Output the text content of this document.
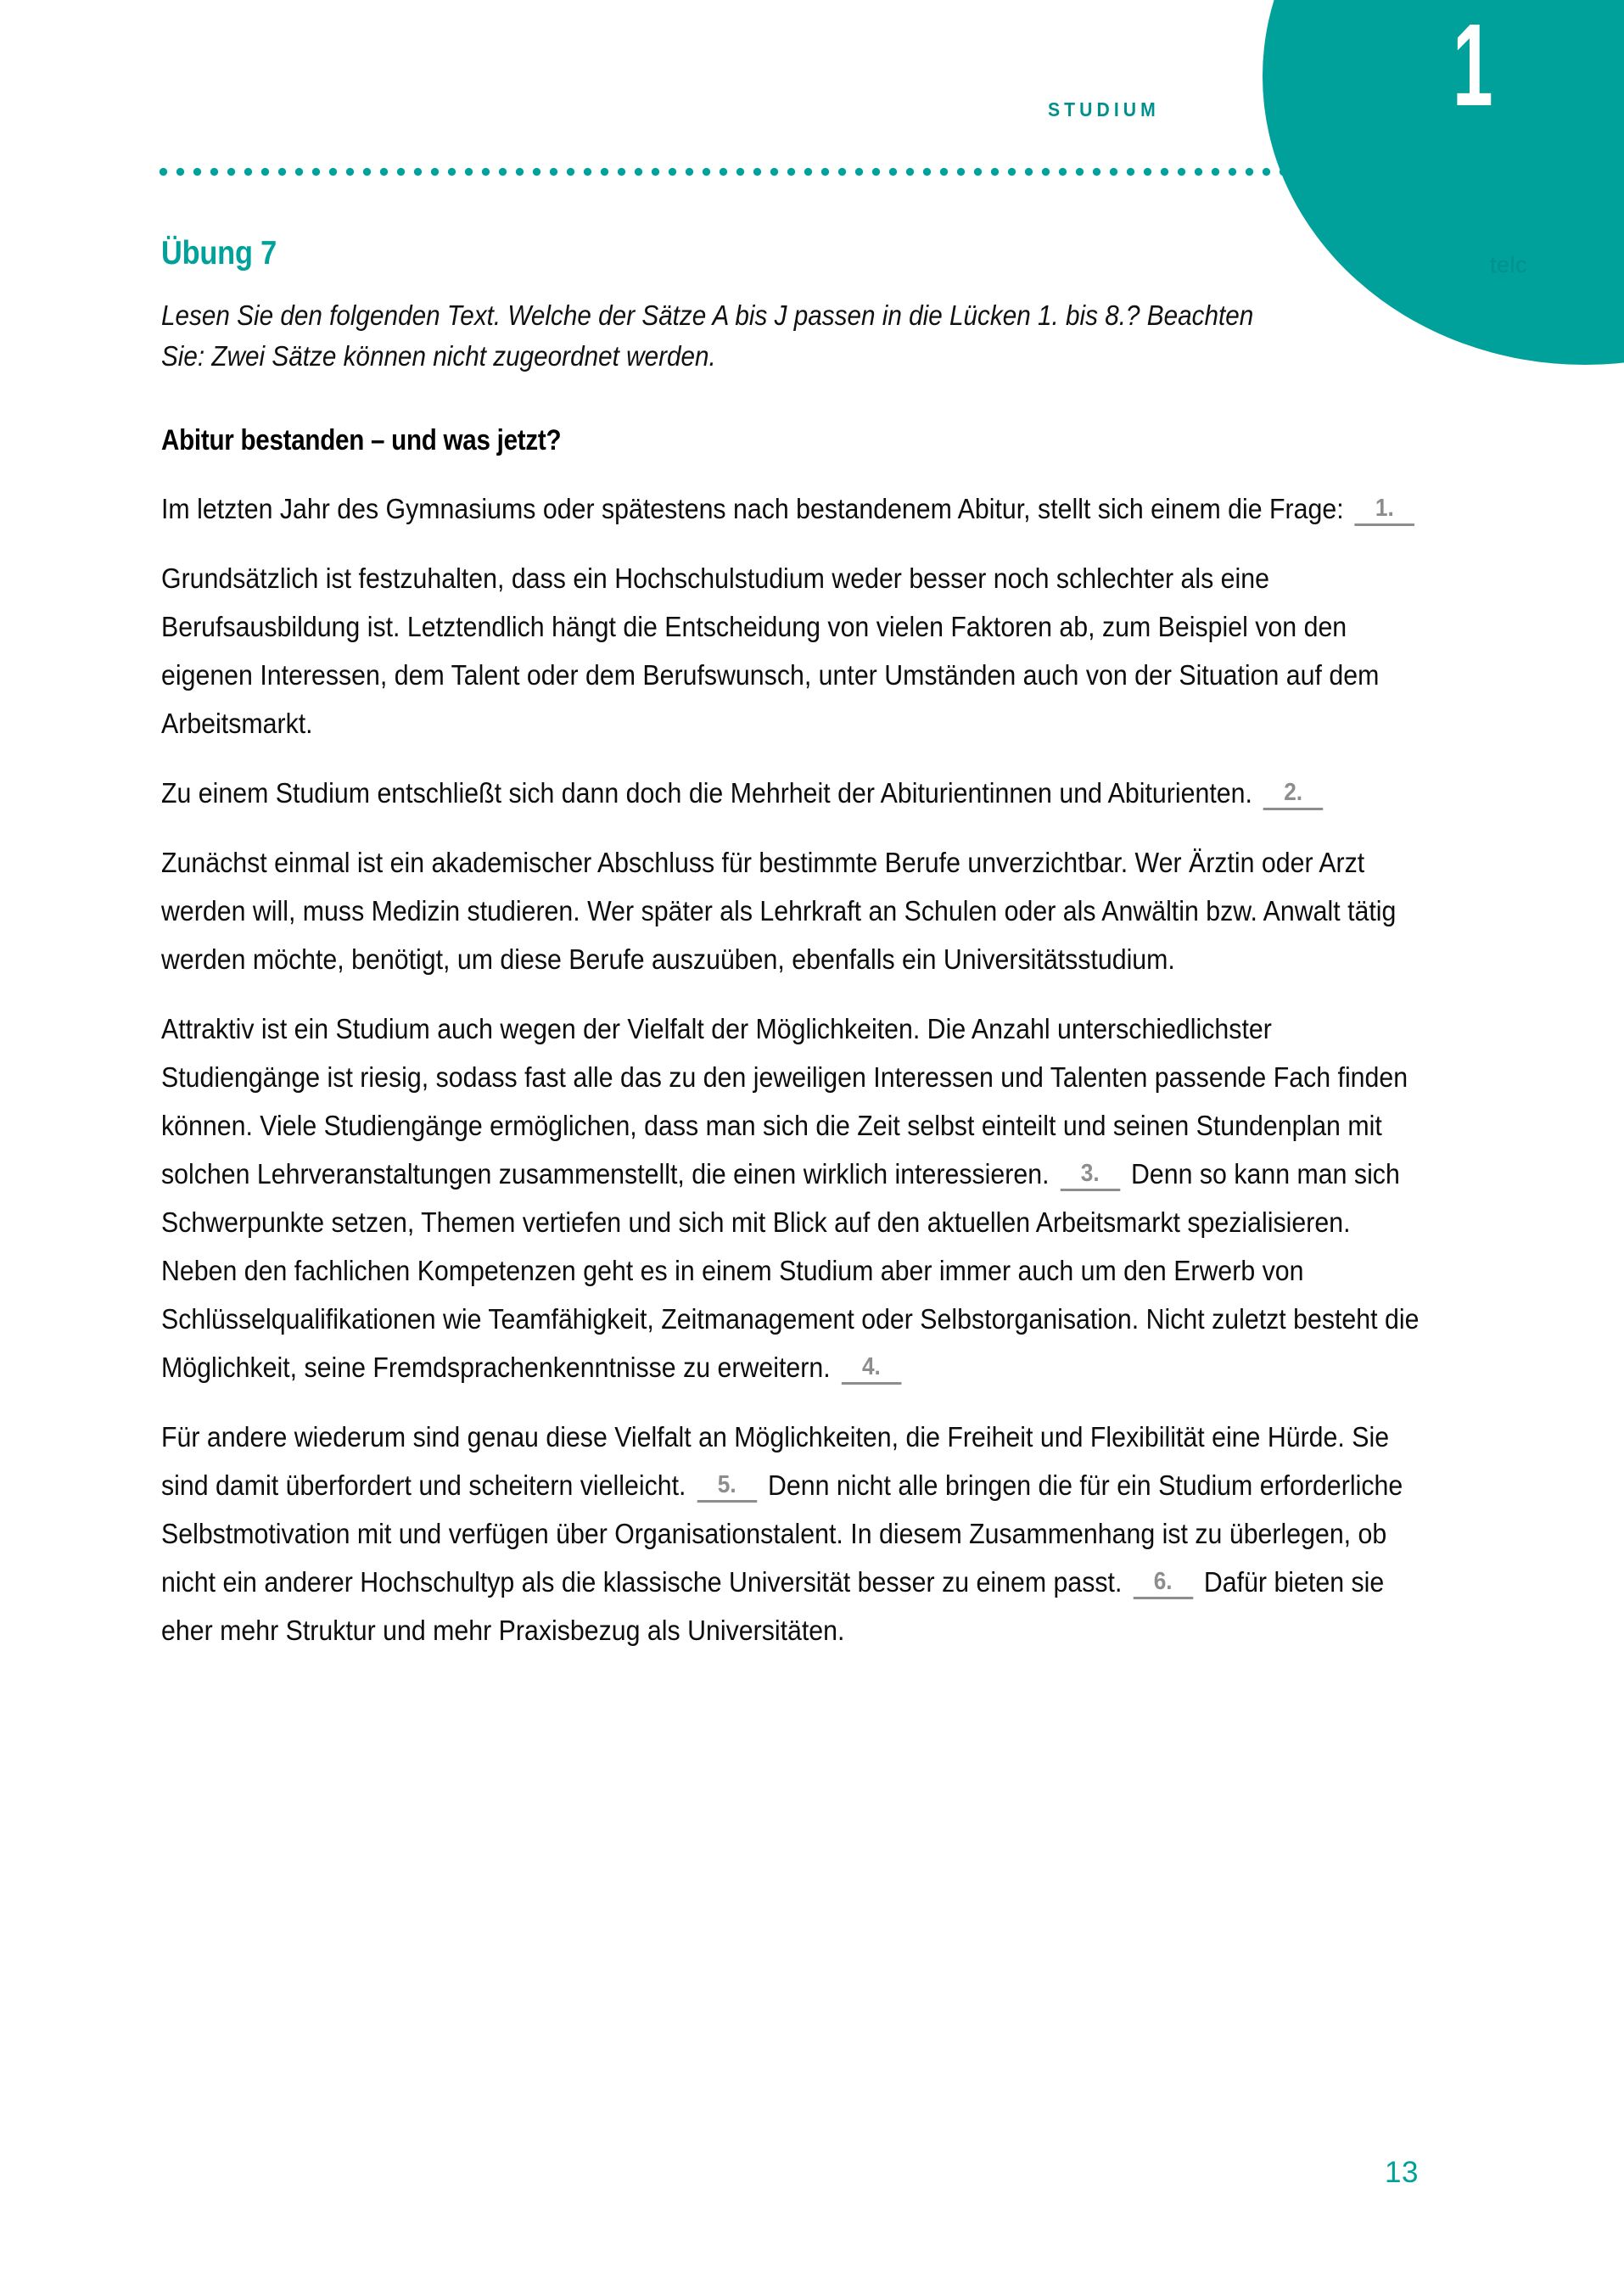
1
STUDIUM
telc
Übung 7
Lesen Sie den folgenden Text. Welche der Sätze A bis J passen in die Lücken 1. bis 8.? Beachten Sie: Zwei Sätze können nicht zugeordnet werden.
Abitur bestanden – und was jetzt?

Im letzten Jahr des Gymnasiums oder spätestens nach bestandenem Abitur, stellt sich einem die Frage: 1.

Grundsätzlich ist festzuhalten, dass ein Hochschulstudium weder besser noch schlechter als eine Berufsausbildung ist. Letztendlich hängt die Entscheidung von vielen Faktoren ab, zum Beispiel von den eigenen Interessen, dem Talent oder dem Berufswunsch, unter Umständen auch von der Situation auf dem Arbeitsmarkt.

Zu einem Studium entschließt sich dann doch die Mehrheit der Abiturientinnen und Abiturienten. 2.

Zunächst einmal ist ein akademischer Abschluss für bestimmte Berufe unverzichtbar. Wer Ärztin oder Arzt werden will, muss Medizin studieren. Wer später als Lehrkraft an Schulen oder als Anwältin bzw. Anwalt tätig werden möchte, benötigt, um diese Berufe auszuüben, ebenfalls ein Universitätsstudium.

Attraktiv ist ein Studium auch wegen der Vielfalt der Möglichkeiten. Die Anzahl unterschiedlichster Studiengänge ist riesig, sodass fast alle das zu den jeweiligen Interessen und Talenten passende Fach finden können. Viele Studiengänge ermöglichen, dass man sich die Zeit selbst einteilt und seinen Stundenplan mit solchen Lehrveranstaltungen zusammenstellt, die einen wirklich interessieren. 3. Denn so kann man sich Schwerpunkte setzen, Themen vertiefen und sich mit Blick auf den aktuellen Arbeitsmarkt spezialisieren. Neben den fachlichen Kompetenzen geht es in einem Studium aber immer auch um den Erwerb von Schlüsselqualifikationen wie Teamfähigkeit, Zeitmanagement oder Selbstorganisation. Nicht zuletzt besteht die Möglichkeit, seine Fremdsprachenkenntnisse zu erweitern. 4.

Für andere wiederum sind genau diese Vielfalt an Möglichkeiten, die Freiheit und Flexibilität eine Hürde. Sie sind damit überfordert und scheitern vielleicht. 5. Denn nicht alle bringen die für ein Studium erforderliche Selbstmotivation mit und verfügen über Organisationstalent. In diesem Zusammenhang ist zu überlegen, ob nicht ein anderer Hochschultyp als die klassische Universität besser zu einem passt. 6. Dafür bieten sie eher mehr Struktur und mehr Praxisbezug als Universitäten.

13
